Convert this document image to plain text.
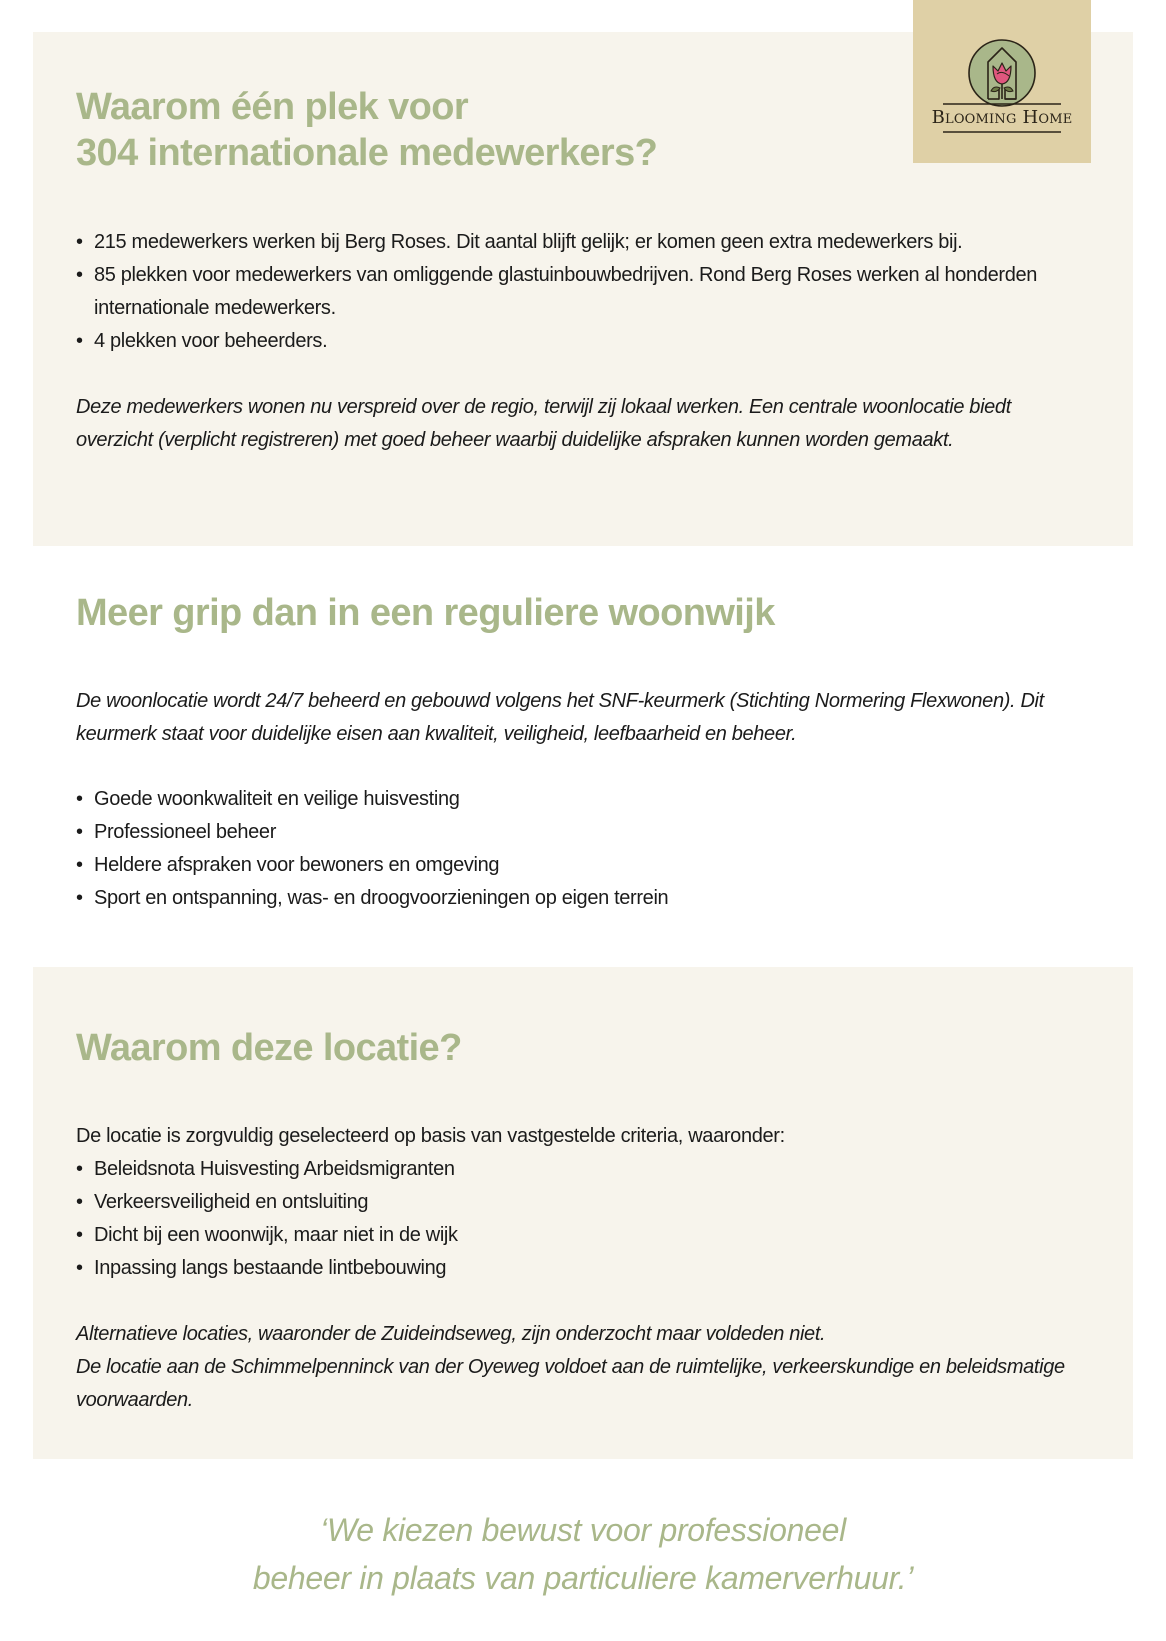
Blooming Home
Waarom één plek voor
304 internationale medewerkers?
• 215 medewerkers werken bij Berg Roses. Dit aantal blijft gelijk; er komen geen extra medewerkers bij.
• 85 plekken voor medewerkers van omliggende glastuinbouwbedrijven. Rond Berg Roses werken al honderden internationale medewerkers.
• 4 plekken voor beheerders.

Deze medewerkers wonen nu verspreid over de regio, terwijl zij lokaal werken. Een centrale woonlocatie biedt overzicht (verplicht registreren) met goed beheer waarbij duidelijke afspraken kunnen worden gemaakt.

Meer grip dan in een reguliere woonwijk

De woonlocatie wordt 24/7 beheerd en gebouwd volgens het SNF-keurmerk (Stichting Normering Flexwonen). Dit keurmerk staat voor duidelijke eisen aan kwaliteit, veiligheid, leefbaarheid en beheer.

• Goede woonkwaliteit en veilige huisvesting
• Professioneel beheer
• Heldere afspraken voor bewoners en omgeving
• Sport en ontspanning, was- en droogvoorzieningen op eigen terrein
Waarom deze locatie?

De locatie is zorgvuldig geselecteerd op basis van vastgestelde criteria, waaronder:

• Beleidsnota Huisvesting Arbeidsmigranten
• Verkeersveiligheid en ontsluiting
• Dicht bij een woonwijk, maar niet in de wijk
• Inpassing langs bestaande lintbebouwing
Alternatieve locaties, waaronder de Zuideindseweg, zijn onderzocht maar voldeden niet.
De locatie aan de Schimmelpenninck van der Oyeweg voldoet aan de ruimtelijke, verkeerskundige en beleidsmatige voorwaarden.
‘We kiezen bewust voor professioneel
beheer in plaats van particuliere kamerverhuur.’
